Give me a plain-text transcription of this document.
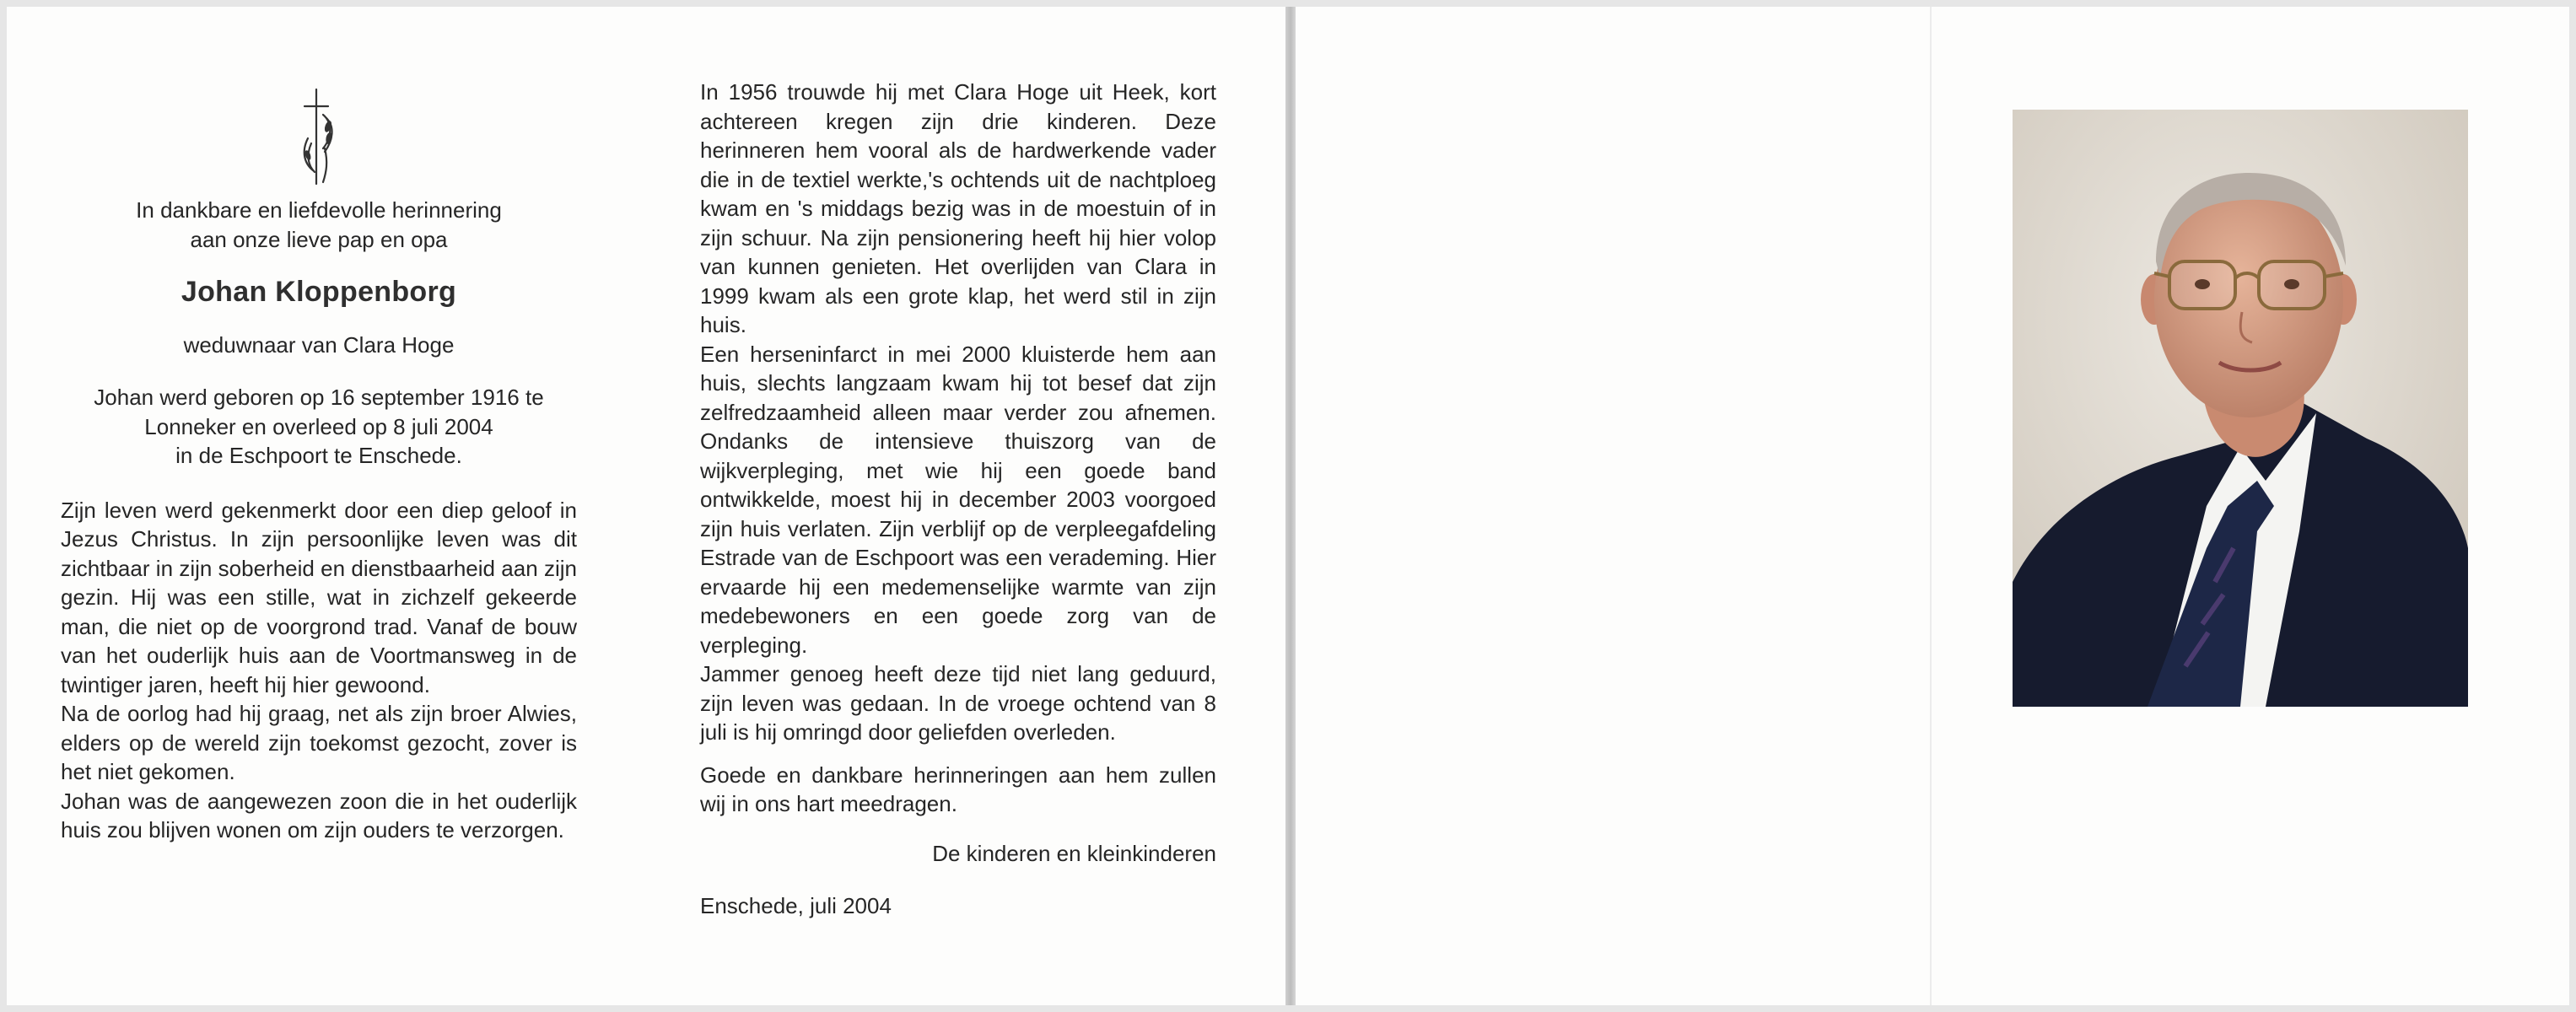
In dankbare en liefdevolle herinnering
aan onze lieve pap en opa
Johan Kloppenborg
weduwnaar van Clara Hoge
Johan werd geboren op 16 september 1916 te
Lonneker en overleed op 8 juli 2004
in de Eschpoort te Enschede.
Zijn leven werd gekenmerkt door een diep geloof in Jezus Christus. In zijn persoonlijke leven was dit zichtbaar in zijn soberheid en dienstbaarheid aan zijn gezin. Hij was een stille, wat in zichzelf gekeerde man, die niet op de voorgrond trad. Vanaf de bouw van het ouderlijk huis aan de Voortmansweg in de twintiger jaren, heeft hij hier gewoond.
Na de oorlog had hij graag, net als zijn broer Alwies, elders op de wereld zijn toekomst gezocht, zover is het niet gekomen.
Johan was de aangewezen zoon die in het ouderlijk huis zou blijven wonen om zijn ouders te verzorgen.
In 1956 trouwde hij met Clara Hoge uit Heek, kort achtereen kregen zijn drie kinderen. Deze herinneren hem vooral als de hardwerkende vader die in de textiel werkte,'s ochtends uit de nachtploeg kwam en 's middags bezig was in de moestuin of in zijn schuur. Na zijn pensionering heeft hij hier volop van kunnen genieten. Het overlijden van Clara in 1999 kwam als een grote klap, het werd stil in zijn huis.
Een herseninfarct in mei 2000 kluisterde hem aan huis, slechts langzaam kwam hij tot besef dat zijn zelfredzaamheid alleen maar verder zou afnemen. Ondanks de intensieve thuiszorg van de wijkverpleging, met wie hij een goede band ontwikkelde, moest hij in december 2003 voorgoed zijn huis verlaten. Zijn verblijf op de verpleegafdeling Estrade van de Eschpoort was een verademing. Hier ervaarde hij een medemenselijke warmte van zijn medebewoners en een goede zorg van de verpleging.
Jammer genoeg heeft deze tijd niet lang geduurd, zijn leven was gedaan. In de vroege ochtend van 8 juli is hij omringd door geliefden overleden.
Goede en dankbare herinneringen aan hem zullen wij in ons hart meedragen.
De kinderen en kleinkinderen
Enschede, juli 2004
